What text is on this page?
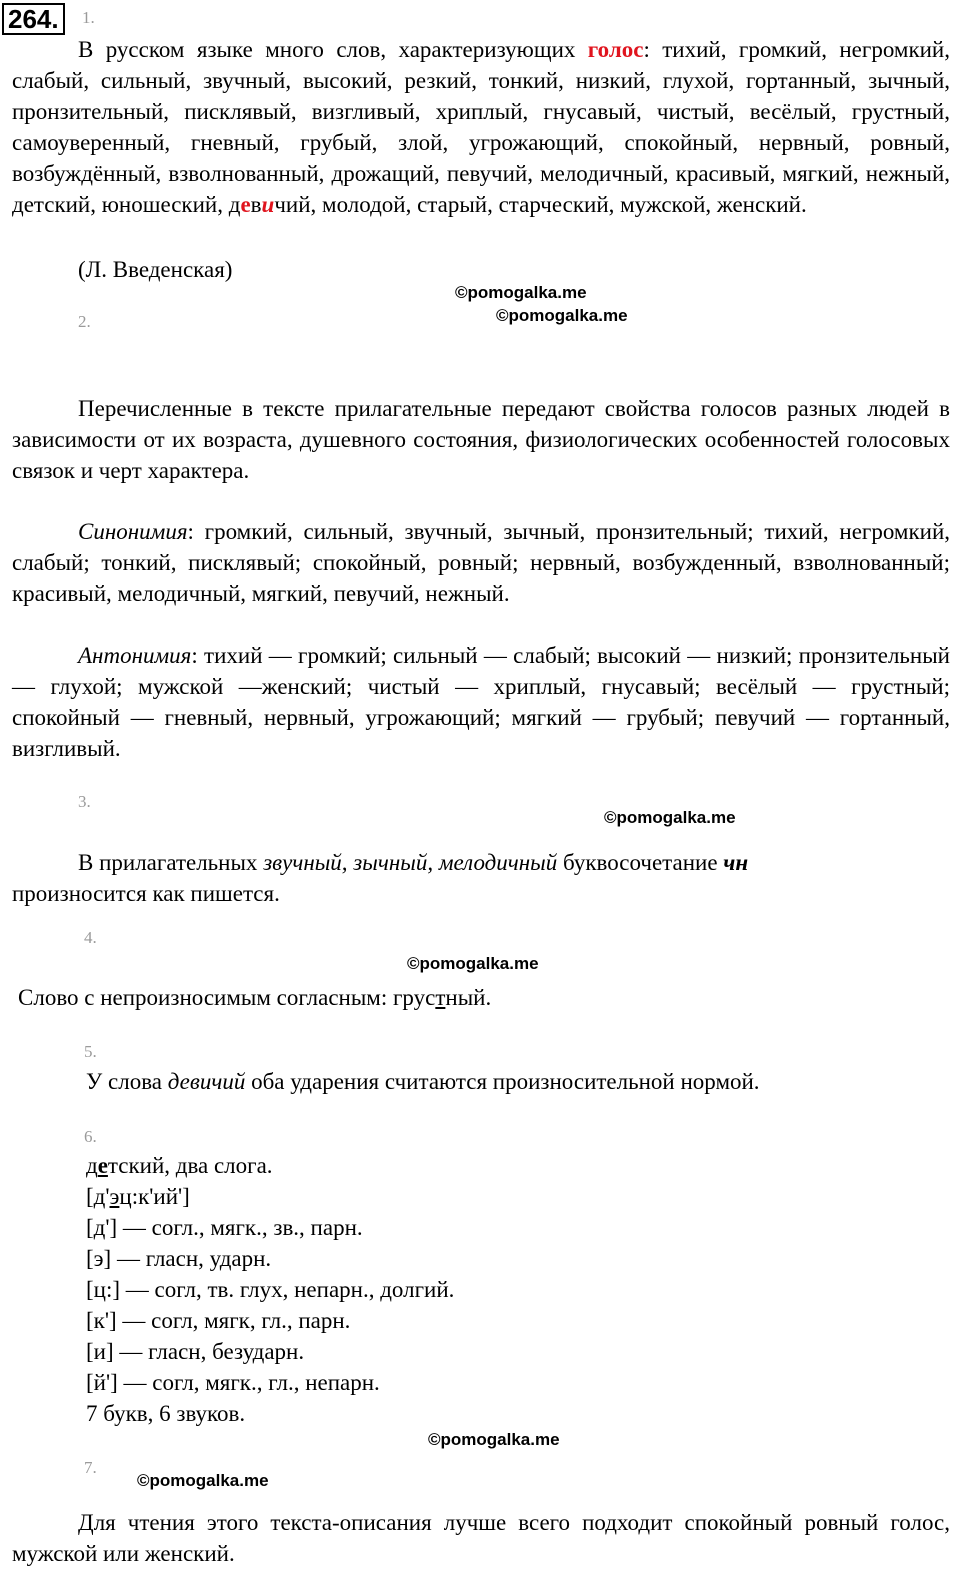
264.	1.
В русском языке много слов, характеризующих голос: тихий, громкий, негромкий, слабый, сильный, звучный, высокий, резкий, тонкий, низкий, глухой, гортанный, зычный, пронзительный, писклявый, визгливый, хриплый, гнусавый, чистый, весёлый, грустный, самоуверенный, гневный, грубый, злой, угрожающий, спокойный, нервный, ровный, возбуждённый, взволнованный, дрожащий, певучий, мелодичный, красивый, мягкий, нежный, детский, юношеский, девичий, молодой, старый, старческий, мужской, женский.
(Л. Введенская)
©pomogalka.me
©pomogalka.me
2.
Перечисленные в тексте прилагательные передают свойства голосов разных людей в зависимости от их возраста, душевного состояния, физиологических особенностей голосовых связок и черт характера.
Синонимия: громкий, сильный, звучный, зычный, пронзительный; тихий, негромкий, слабый; тонкий, писклявый; спокойный, ровный; нервный, возбужденный, взволнованный; красивый, мелодичный, мягкий, певучий, нежный.
Антонимия: тихий — громкий; сильный — слабый; высокий — низкий; пронзительный — глухой; мужской —женский; чистый — хриплый, гнусавый; весёлый — грустный; спокойный — гневный, нервный, угрожающий; мягкий — грубый; певучий — гортанный, визгливый.
3.
©pomogalka.me
В прилагательных звучный, зычный, мелодичный буквосочетание чн
произносится как пишется.
4.
©pomogalka.me
Слово с непроизносимым согласным: грустный.
5.
У слова девичий оба ударения считаются произносительной нормой.
6.
детский, два слога.
[д'эц:к'ий']
[д'] — согл., мягк., зв., парн.
[э] — гласн, ударн.
[ц:] — согл, тв. глух, непарн., долгий.
[к'] — согл, мягк, гл., парн.
[и] — гласн, безударн.
[й'] — согл, мягк., гл., непарн.
7 букв, 6 звуков.
©pomogalka.me
7.
©pomogalka.me
Для чтения этого текста-описания лучше всего подходит спокойный ровный голос, мужской или женский.
